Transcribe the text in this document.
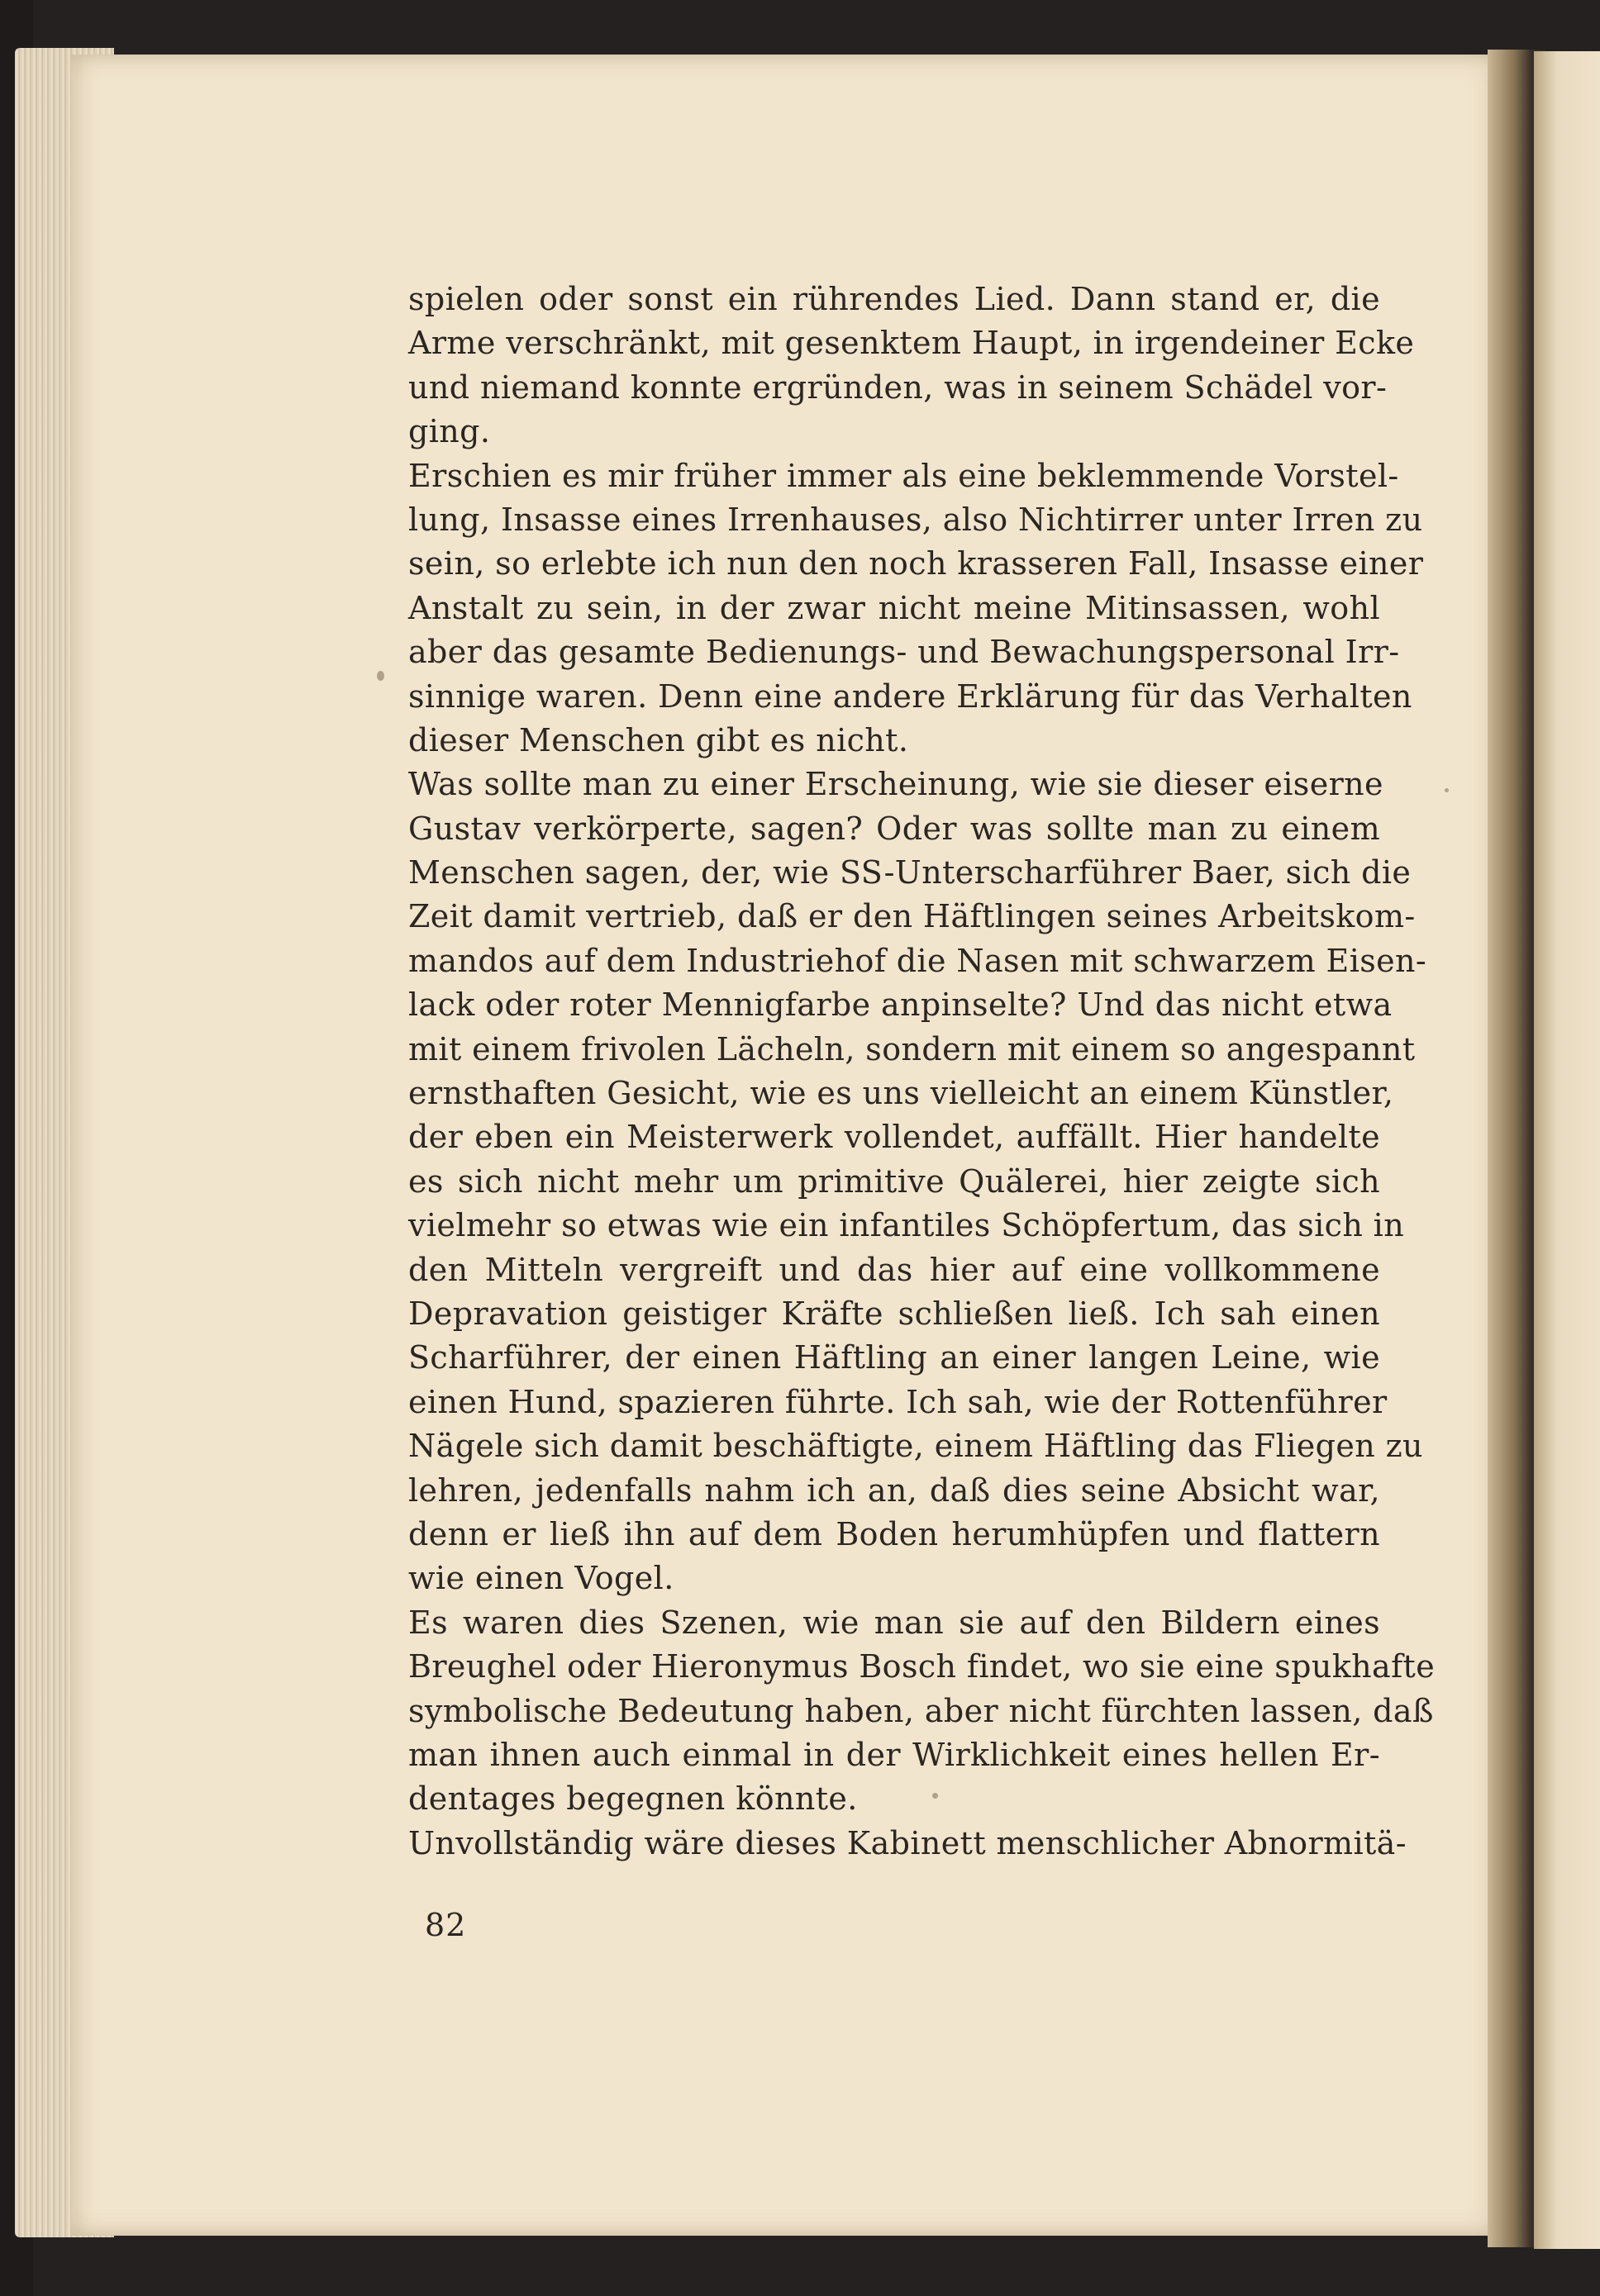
spielen oder sonst ein rührendes Lied. Dann stand er, die
Arme verschränkt, mit gesenktem Haupt, in irgendeiner Ecke
und niemand konnte ergründen, was in seinem Schädel vor-
ging.
Erschien es mir früher immer als eine beklemmende Vorstel-
lung, Insasse eines Irrenhauses, also Nichtirrer unter Irren zu
sein, so erlebte ich nun den noch krasseren Fall, Insasse einer
Anstalt zu sein, in der zwar nicht meine Mitinsassen, wohl
aber das gesamte Bedienungs- und Bewachungspersonal Irr-
sinnige waren. Denn eine andere Erklärung für das Verhalten
dieser Menschen gibt es nicht.
Was sollte man zu einer Erscheinung, wie sie dieser eiserne
Gustav verkörperte, sagen? Oder was sollte man zu einem
Menschen sagen, der, wie SS-Unterscharführer Baer, sich die
Zeit damit vertrieb, daß er den Häftlingen seines Arbeitskom-
mandos auf dem Industriehof die Nasen mit schwarzem Eisen-
lack oder roter Mennigfarbe anpinselte? Und das nicht etwa
mit einem frivolen Lächeln, sondern mit einem so angespannt
ernsthaften Gesicht, wie es uns vielleicht an einem Künstler,
der eben ein Meisterwerk vollendet, auffällt. Hier handelte
es sich nicht mehr um primitive Quälerei, hier zeigte sich
vielmehr so etwas wie ein infantiles Schöpfertum, das sich in
den Mitteln vergreift und das hier auf eine vollkommene
Depravation geistiger Kräfte schließen ließ. Ich sah einen
Scharführer, der einen Häftling an einer langen Leine, wie
einen Hund, spazieren führte. Ich sah, wie der Rottenführer
Nägele sich damit beschäftigte, einem Häftling das Fliegen zu
lehren, jedenfalls nahm ich an, daß dies seine Absicht war,
denn er ließ ihn auf dem Boden herumhüpfen und flattern
wie einen Vogel.
Es waren dies Szenen, wie man sie auf den Bildern eines
Breughel oder Hieronymus Bosch findet, wo sie eine spukhafte
symbolische Bedeutung haben, aber nicht fürchten lassen, daß
man ihnen auch einmal in der Wirklichkeit eines hellen Er-
dentages begegnen könnte.
Unvollständig wäre dieses Kabinett menschlicher Abnormitä-
82
